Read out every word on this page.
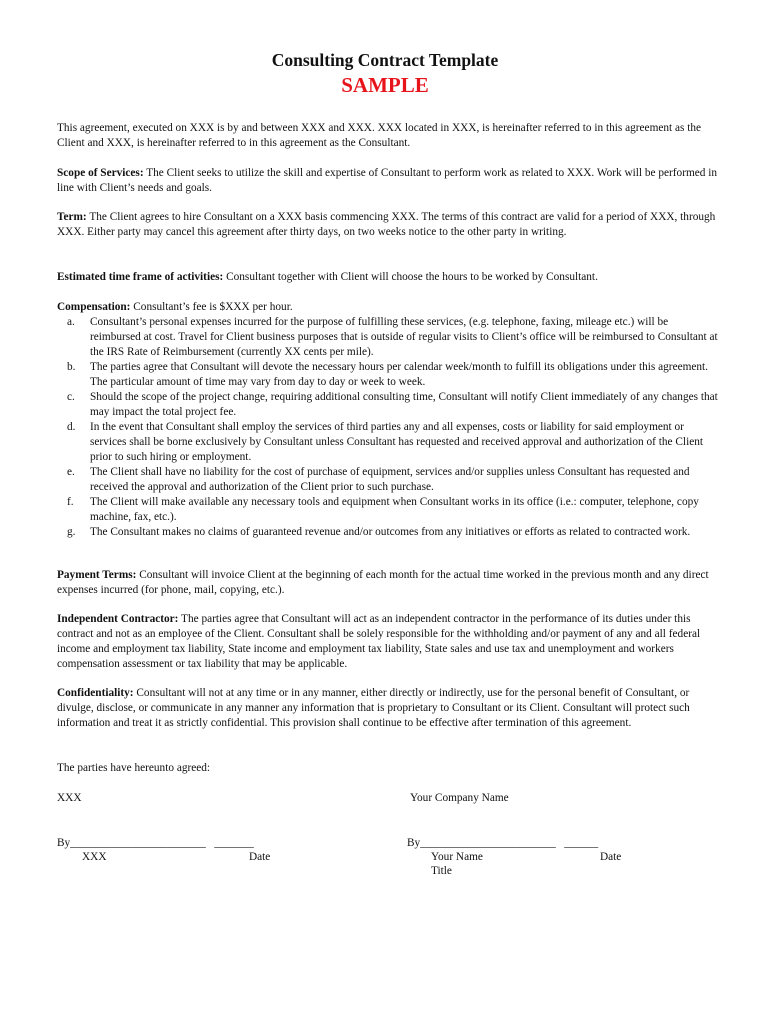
Consulting Contract Template
SAMPLE

This agreement, executed on XXX is by and between XXX and XXX. XXX located in XXX, is hereinafter referred to in this agreement as the Client and XXX, is hereinafter referred to in this agreement as the Consultant.

Scope of Services: The Client seeks to utilize the skill and expertise of Consultant to perform work as related to XXX. Work will be performed in line with Client’s needs and goals.

Term: The Client agrees to hire Consultant on a XXX basis commencing XXX. The terms of this contract are valid for a period of XXX, through XXX. Either party may cancel this agreement after thirty days, on two weeks notice to the other party in writing.

Estimated time frame of activities: Consultant together with Client will choose the hours to be worked by Consultant.

Compensation: Consultant’s fee is $XXX per hour.

a. Consultant’s personal expenses incurred for the purpose of fulfilling these services, (e.g. telephone, faxing, mileage etc.) will be reimbursed at cost. Travel for Client business purposes that is outside of regular visits to Client’s office will be reimbursed to Consultant at the IRS Rate of Reimbursement (currently XX cents per mile).
b. The parties agree that Consultant will devote the necessary hours per calendar week/month to fulfill its obligations under this agreement. The particular amount of time may vary from day to day or week to week.
c. Should the scope of the project change, requiring additional consulting time, Consultant will notify Client immediately of any changes that may impact the total project fee.
d. In the event that Consultant shall employ the services of third parties any and all expenses, costs or liability for said employment or services shall be borne exclusively by Consultant unless Consultant has requested and received approval and authorization of the Client prior to such hiring or employment.
e. The Client shall have no liability for the cost of purchase of equipment, services and/or supplies unless Consultant has requested and received the approval and authorization of the Client prior to such purchase.
f. The Client will make available any necessary tools and equipment when Consultant works in its office (i.e.: computer, telephone, copy machine, fax, etc.).
g. The Consultant makes no claims of guaranteed revenue and/or outcomes from any initiatives or efforts as related to contracted work.

Payment Terms: Consultant will invoice Client at the beginning of each month for the actual time worked in the previous month and any direct expenses incurred (for phone, mail, copying, etc.).

Independent Contractor: The parties agree that Consultant will act as an independent contractor in the performance of its duties under this contract and not as an employee of the Client. Consultant shall be solely responsible for the withholding and/or payment of any and all federal income and employment tax liability, State income and employment tax liability, State sales and use tax and unemployment and workers compensation assessment or tax liability that may be applicable.

Confidentiality: Consultant will not at any time or in any manner, either directly or indirectly, use for the personal benefit of Consultant, or divulge, disclose, or communicate in any manner any information that is proprietary to Consultant or its Client. Consultant will protect such information and treat it as strictly confidential. This provision shall continue to be effective after termination of this agreement.

The parties have hereunto agreed:

XXX	Your Company Name

By________________________   _______	By________________________   ______

XXX	Date	Your Name	Date

Title
